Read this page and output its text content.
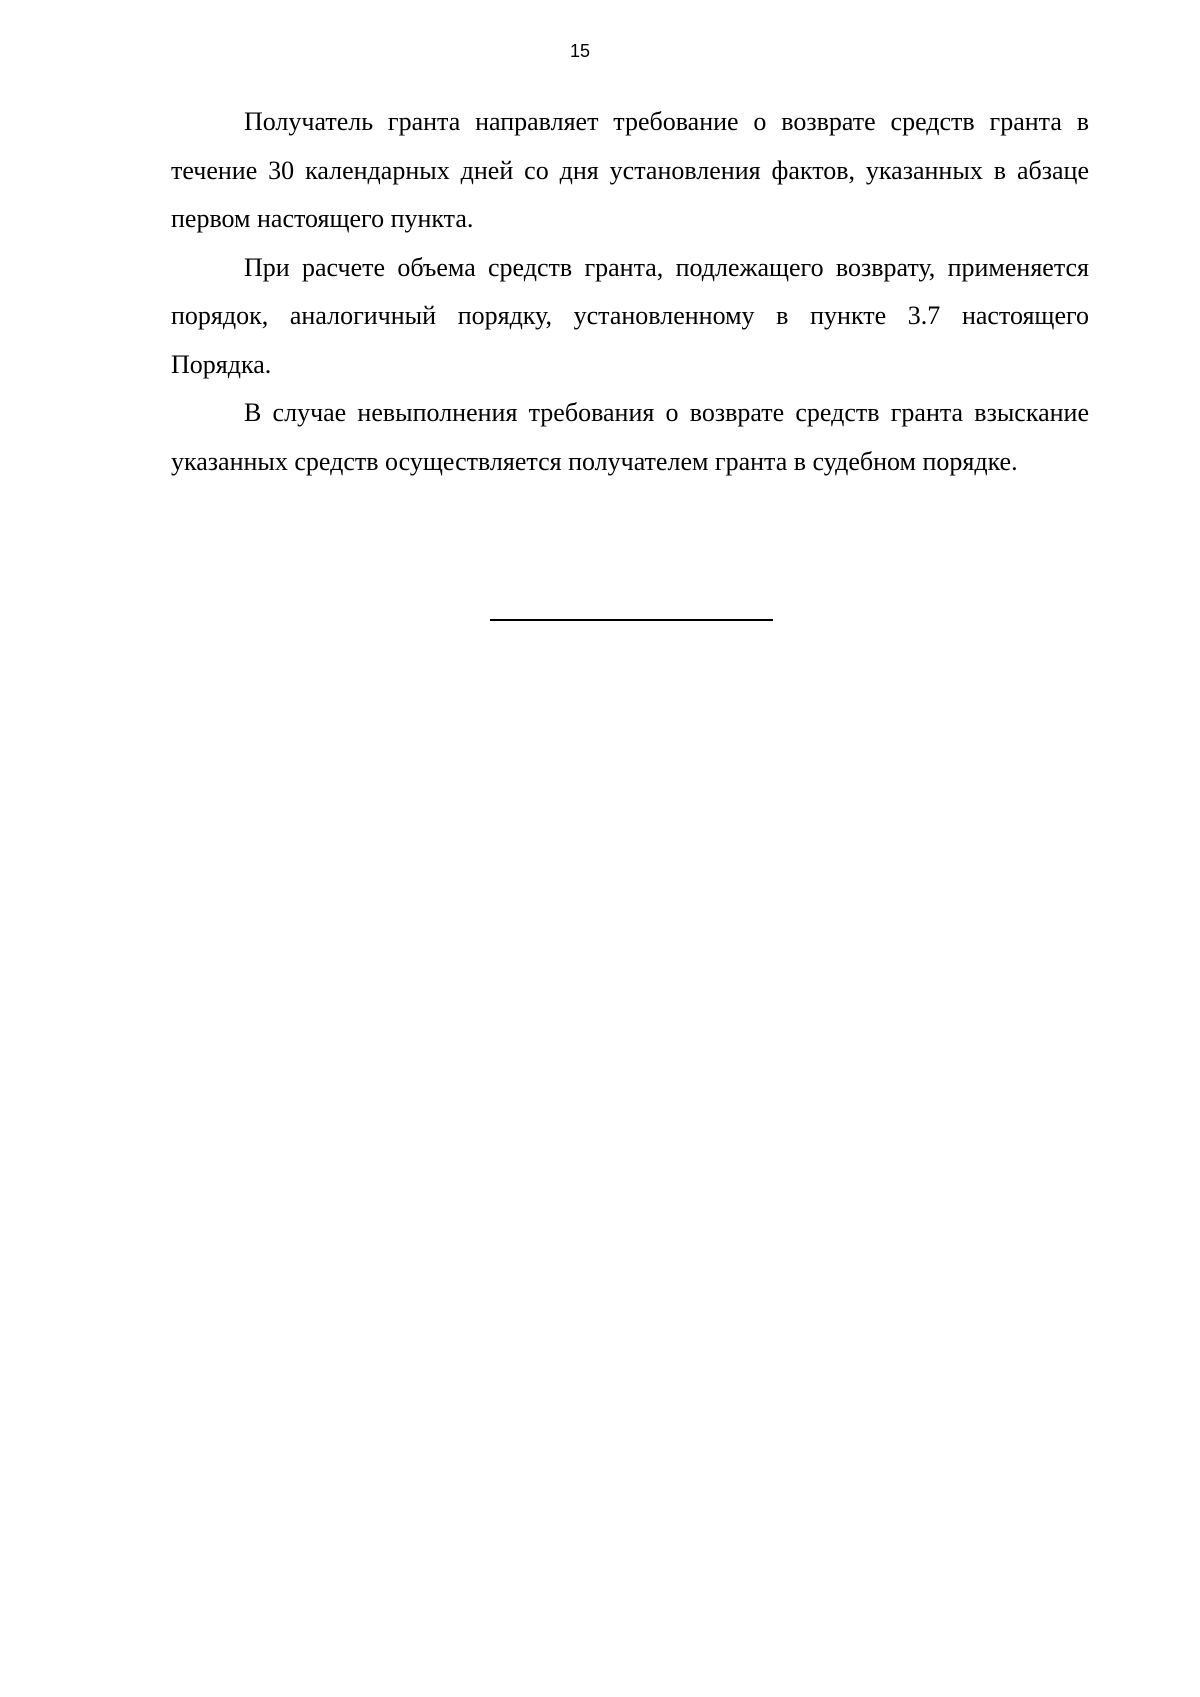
15

Получатель гранта направляет требование о возврате средств гранта в течение 30 календарных дней со дня установления фактов, указанных в абзаце первом настоящего пункта.

При расчете объема средств гранта, подлежащего возврату, применяется порядок, аналогичный порядку, установленному в пункте 3.7 настоящего Порядка.

В случае невыполнения требования о возврате средств гранта взыскание указанных средств осуществляется получателем гранта в судебном порядке.
